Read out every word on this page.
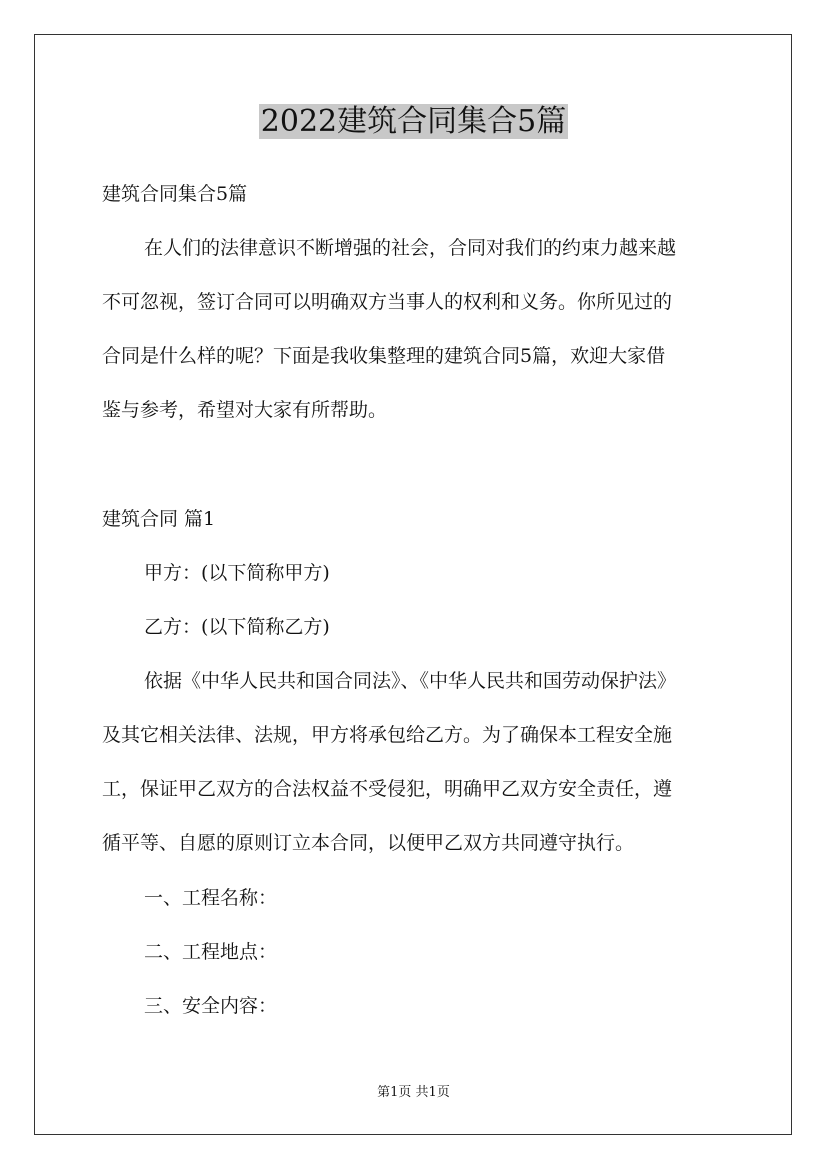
2022建筑合同集合5篇
建筑合同集合5篇
在人们的法律意识不断增强的社会，合同对我们的约束力越来越
不可忽视，签订合同可以明确双方当事人的权利和义务。你所见过的
合同是什么样的呢？下面是我收集整理的建筑合同5篇，欢迎大家借
鉴与参考，希望对大家有所帮助。
建筑合同 篇1
甲方：(以下简称甲方)
乙方：(以下简称乙方)
依据《中华人民共和国合同法》、《中华人民共和国劳动保护法》
及其它相关法律、法规，甲方将承包给乙方。为了确保本工程安全施
工，保证甲乙双方的合法权益不受侵犯，明确甲乙双方安全责任，遵
循平等、自愿的原则订立本合同，以便甲乙双方共同遵守执行。
一、工程名称：
二、工程地点：
三、安全内容：
第1页 共1页
